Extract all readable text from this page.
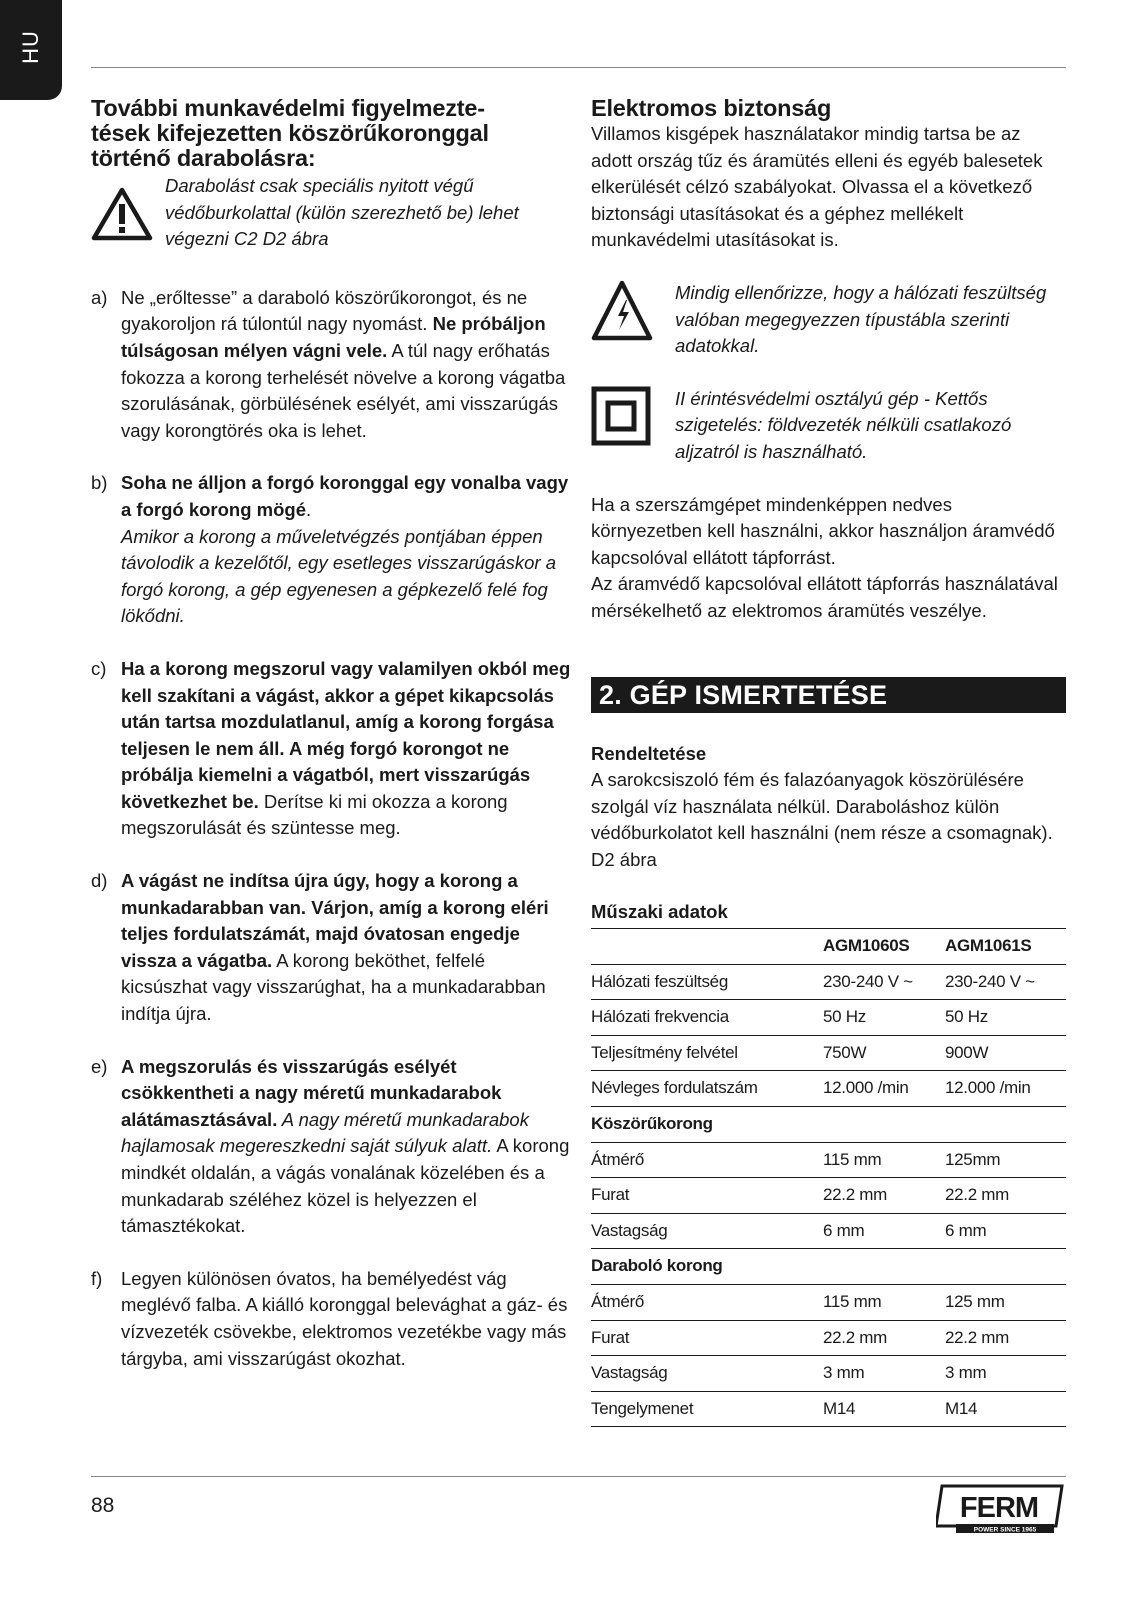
HU
További munkavédelmi figyelmezte-
tések kifejezetten köszörűkoronggal
történő darabolásra:
Darabolást csak speciális nyitott végű védőburkolattal (külön szerezhető be) lehet végezni C2 D2 ábra
a) Ne „erőltesse” a daraboló köszörűkorongot, és ne gyakoroljon rá túlontúl nagy nyomást. Ne próbáljon túlságosan mélyen vágni vele. A túl nagy erőhatás fokozza a korong terhelését növelve a korong vágatba szorulásának, görbülésének esélyét, ami visszarúgás vagy korongtörés oka is lehet.
b) Soha ne álljon a forgó koronggal egy vonalba vagy a forgó korong mögé.
Amikor a korong a műveletvégzés pontjában éppen távolodik a kezelőtől, egy esetleges visszarúgáskor a forgó korong, a gép egyenesen a gépkezelő felé fog lökődni.
c) Ha a korong megszorul vagy valamilyen okból meg kell szakítani a vágást, akkor a gépet kikapcsolás után tartsa mozdulatlanul, amíg a korong forgása teljesen le nem áll. A még forgó korongot ne próbálja kiemelni a vágatból, mert visszarúgás következhet be. Derítse ki mi okozza a korong megszorulását és szüntesse meg.
d) A vágást ne indítsa újra úgy, hogy a korong a munkadarabban van. Várjon, amíg a korong eléri teljes fordulatszámát, majd óvatosan engedje vissza a vágatba. A korong beköthet, felfelé kicsúszhat vagy visszarúghat, ha a munkadarabban indítja újra.
e) A megszorulás és visszarúgás esélyét csökkentheti a nagy méretű munkadarabok alátámasztásával. A nagy méretű munkadarabok hajlamosak megereszkedni saját súlyuk alatt. A korong mindkét oldalán, a vágás vonalának közelében és a munkadarab széléhez közel is helyezzen el támasztékokat.
f)	Legyen különösen óvatos, ha bemélyedést vág meglévő falba. A kiálló koronggal belevághat a gáz- és vízvezeték csövekbe, elektromos vezetékbe vagy más tárgyba, ami visszarúgást okozhat.
Elektromos biztonság

Villamos kisgépek használatakor mindig tartsa be az adott ország tűz és áramütés elleni és egyéb balesetek elkerülését célzó szabályokat. Olvassa el a következő biztonsági utasításokat és a géphez mellékelt munkavédelmi utasításokat is.

Mindig ellenőrizze, hogy a hálózati feszültség valóban megegyezzen típustábla szerinti adatokkal.
II érintésvédelmi osztályú gép - Kettős szigetelés: földvezeték nélküli csatlakozó aljzatról is használható.

Ha a szerszámgépet mindenképpen nedves környezetben kell használni, akkor használjon áramvédő kapcsolóval ellátott tápforrást.

Az áramvédő kapcsolóval ellátott tápforrás használatával mérsékelhető az elektromos áramütés veszélye.

2. GÉP ISMERTETÉSE
Rendeltetése

A sarokcsiszoló fém és falazóanyagok köszörülésére szolgál víz használata nélkül. Daraboláshoz külön védőburkolatot kell használni (nem része a csomagnak). D2 ábra

Műszaki adatok
	AGM1060S	AGM1061S
Hálózati feszültség	230-240 V ~	230-240 V ~
Hálózati frekvencia	50 Hz	50 Hz
Teljesítmény felvétel	750W	900W
Névleges fordulatszám	12.000 /min	12.000 /min
Köszörűkorong		
Átmérő	115 mm	125mm
Furat	22.2 mm	22.2 mm
Vastagság	6 mm	6 mm
Daraboló korong		
Átmérő	115 mm	125 mm
Furat	22.2 mm	22.2 mm
Vastagság	3 mm	3 mm
Tengelymenet	M14	M14
88	FERM
POWER SINCE 1965
